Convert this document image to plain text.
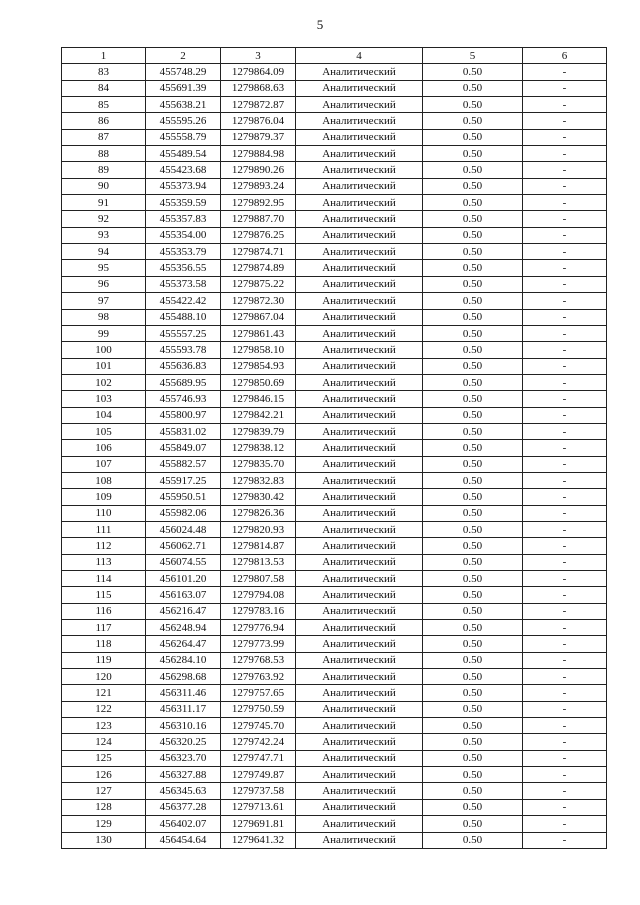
5
1	2	3	4	5	6
83	455748.29	1279864.09	Аналитический	0.50	-
84	455691.39	1279868.63	Аналитический	0.50	-
85	455638.21	1279872.87	Аналитический	0.50	-
86	455595.26	1279876.04	Аналитический	0.50	-
87	455558.79	1279879.37	Аналитический	0.50	-
88	455489.54	1279884.98	Аналитический	0.50	-
89	455423.68	1279890.26	Аналитический	0.50	-
90	455373.94	1279893.24	Аналитический	0.50	-
91	455359.59	1279892.95	Аналитический	0.50	-
92	455357.83	1279887.70	Аналитический	0.50	-
93	455354.00	1279876.25	Аналитический	0.50	-
94	455353.79	1279874.71	Аналитический	0.50	-
95	455356.55	1279874.89	Аналитический	0.50	-
96	455373.58	1279875.22	Аналитический	0.50	-
97	455422.42	1279872.30	Аналитический	0.50	-
98	455488.10	1279867.04	Аналитический	0.50	-
99	455557.25	1279861.43	Аналитический	0.50	-
100	455593.78	1279858.10	Аналитический	0.50	-
101	455636.83	1279854.93	Аналитический	0.50	-
102	455689.95	1279850.69	Аналитический	0.50	-
103	455746.93	1279846.15	Аналитический	0.50	-
104	455800.97	1279842.21	Аналитический	0.50	-
105	455831.02	1279839.79	Аналитический	0.50	-
106	455849.07	1279838.12	Аналитический	0.50	-
107	455882.57	1279835.70	Аналитический	0.50	-
108	455917.25	1279832.83	Аналитический	0.50	-
109	455950.51	1279830.42	Аналитический	0.50	-
110	455982.06	1279826.36	Аналитический	0.50	-
111	456024.48	1279820.93	Аналитический	0.50	-
112	456062.71	1279814.87	Аналитический	0.50	-
113	456074.55	1279813.53	Аналитический	0.50	-
114	456101.20	1279807.58	Аналитический	0.50	-
115	456163.07	1279794.08	Аналитический	0.50	-
116	456216.47	1279783.16	Аналитический	0.50	-
117	456248.94	1279776.94	Аналитический	0.50	-
118	456264.47	1279773.99	Аналитический	0.50	-
119	456284.10	1279768.53	Аналитический	0.50	-
120	456298.68	1279763.92	Аналитический	0.50	-
121	456311.46	1279757.65	Аналитический	0.50	-
122	456311.17	1279750.59	Аналитический	0.50	-
123	456310.16	1279745.70	Аналитический	0.50	-
124	456320.25	1279742.24	Аналитический	0.50	-
125	456323.70	1279747.71	Аналитический	0.50	-
126	456327.88	1279749.87	Аналитический	0.50	-
127	456345.63	1279737.58	Аналитический	0.50	-
128	456377.28	1279713.61	Аналитический	0.50	-
129	456402.07	1279691.81	Аналитический	0.50	-
130	456454.64	1279641.32	Аналитический	0.50	-
